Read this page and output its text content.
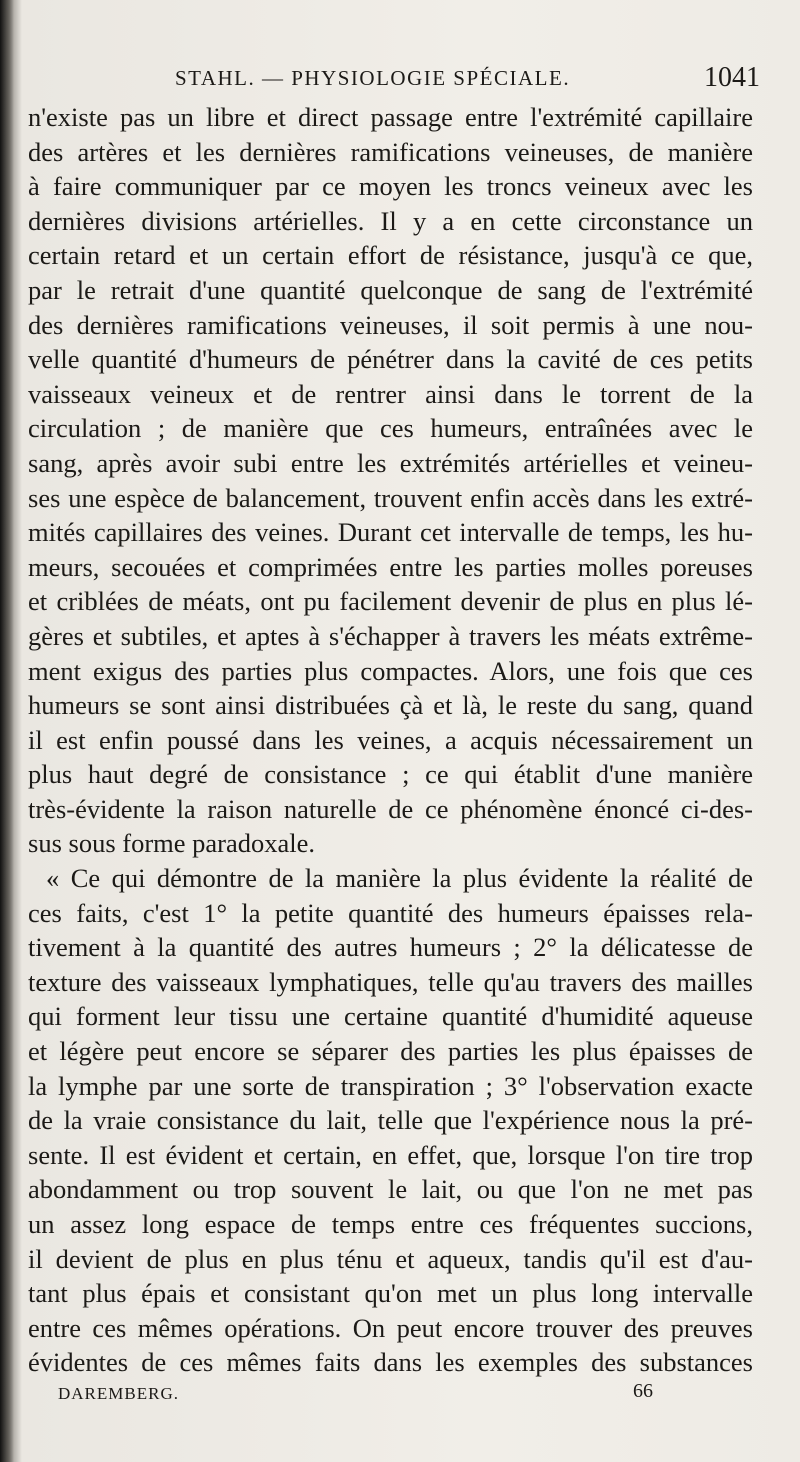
STAHL. — PHYSIOLOGIE SPÉCIALE.	1041
n'existe pas un libre et direct passage entre l'extrémité capillaire
des artères et les dernières ramifications veineuses, de manière
à faire communiquer par ce moyen les troncs veineux avec les
dernières divisions artérielles. Il y a en cette circonstance un
certain retard et un certain effort de résistance, jusqu'à ce que,
par le retrait d'une quantité quelconque de sang de l'extrémité
des dernières ramifications veineuses, il soit permis à une nou-
velle quantité d'humeurs de pénétrer dans la cavité de ces petits
vaisseaux veineux et de rentrer ainsi dans le torrent de la
circulation ; de manière que ces humeurs, entraînées avec le
sang, après avoir subi entre les extrémités artérielles et veineu-
ses une espèce de balancement, trouvent enfin accès dans les extré-
mités capillaires des veines. Durant cet intervalle de temps, les hu-
meurs, secouées et comprimées entre les parties molles poreuses
et criblées de méats, ont pu facilement devenir de plus en plus lé-
gères et subtiles, et aptes à s'échapper à travers les méats extrême-
ment exigus des parties plus compactes. Alors, une fois que ces
humeurs se sont ainsi distribuées çà et là, le reste du sang, quand
il est enfin poussé dans les veines, a acquis nécessairement un
plus haut degré de consistance ; ce qui établit d'une manière
très-évidente la raison naturelle de ce phénomène énoncé ci-des-
sus sous forme paradoxale.
« Ce qui démontre de la manière la plus évidente la réalité de
ces faits, c'est 1° la petite quantité des humeurs épaisses rela-
tivement à la quantité des autres humeurs ; 2° la délicatesse de
texture des vaisseaux lymphatiques, telle qu'au travers des mailles
qui forment leur tissu une certaine quantité d'humidité aqueuse
et légère peut encore se séparer des parties les plus épaisses de
la lymphe par une sorte de transpiration ; 3° l'observation exacte
de la vraie consistance du lait, telle que l'expérience nous la pré-
sente. Il est évident et certain, en effet, que, lorsque l'on tire trop
abondamment ou trop souvent le lait, ou que l'on ne met pas
un assez long espace de temps entre ces fréquentes succions,
il devient de plus en plus ténu et aqueux, tandis qu'il est d'au-
tant plus épais et consistant qu'on met un plus long intervalle
entre ces mêmes opérations. On peut encore trouver des preuves
évidentes de ces mêmes faits dans les exemples des substances
DAREMBERG.	66
